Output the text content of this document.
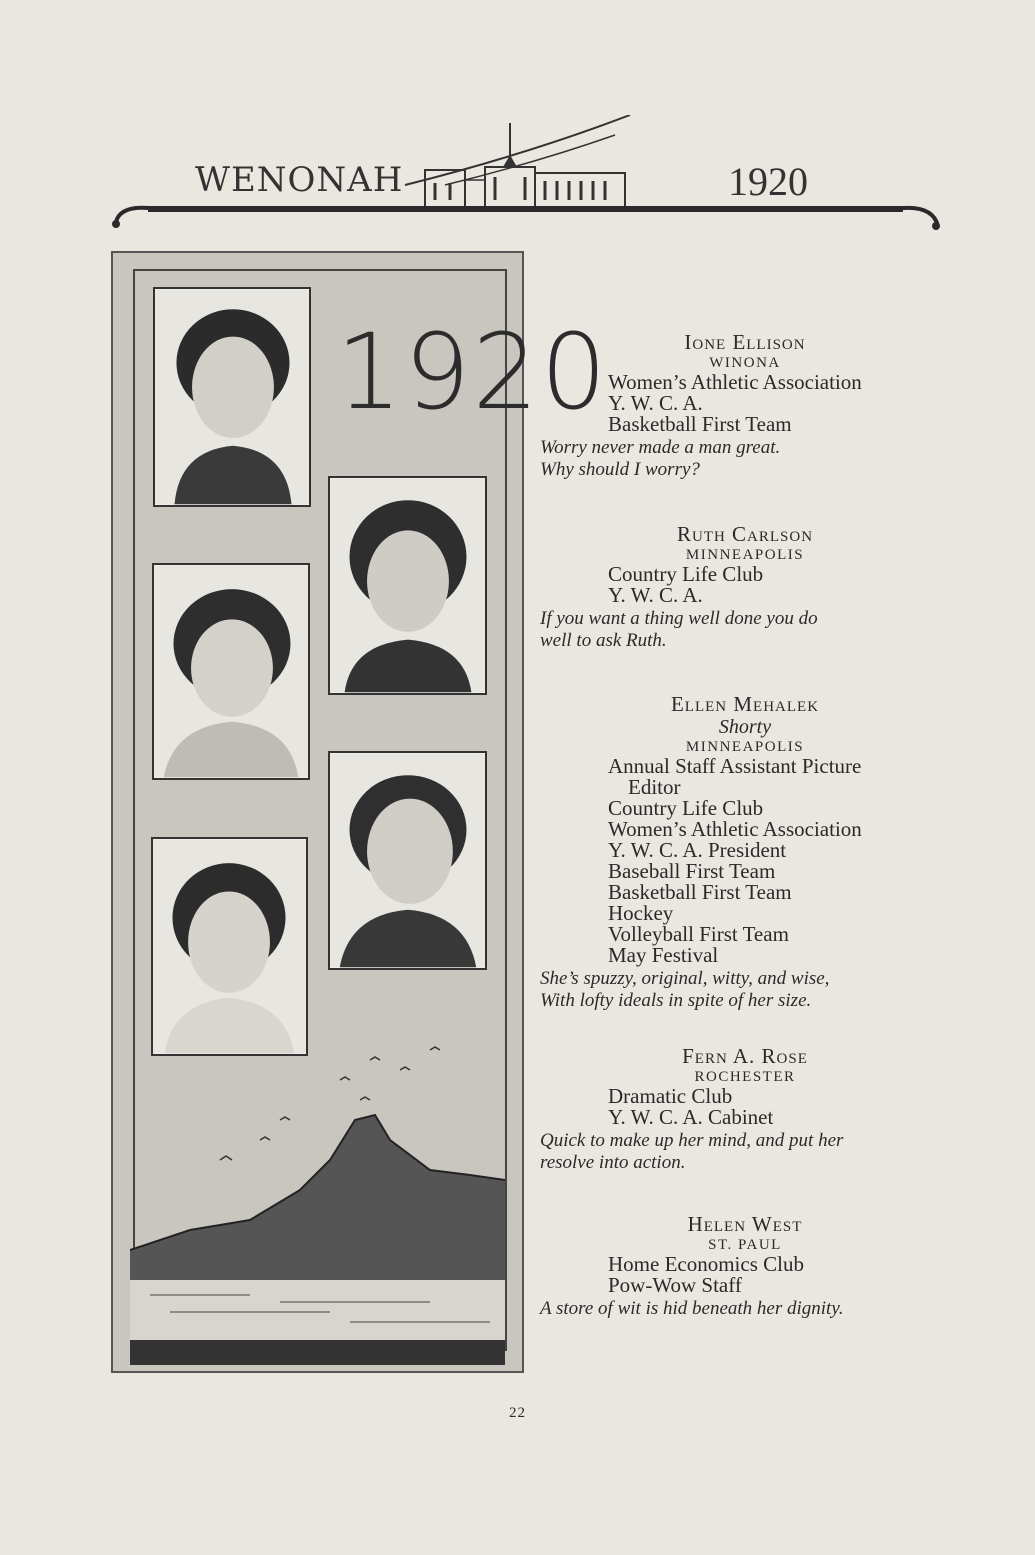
WENONAH	1920
1920	Ione Ellison
WINONA
Women’s Athletic Association
Y. W. C. A.
Basketball First Team
Worry never made a man great.
Why should I worry?
Ruth Carlson
MINNEAPOLIS
Country Life Club
Y. W. C. A.
If you want a thing well done you do
well to ask Ruth.
Ellen Mehalek
Shorty
MINNEAPOLIS
Annual Staff Assistant Picture
Editor
Country Life Club
Women’s Athletic Association
Y. W. C. A. President
Baseball First Team
Basketball First Team
Hockey
Volleyball First Team
May Festival
She’s spuzzy, original, witty, and wise,
With lofty ideals in spite of her size.
Fern A. Rose
ROCHESTER
Dramatic Club
Y. W. C. A. Cabinet
Quick to make up her mind, and put her
resolve into action.
Helen West
ST. PAUL
Home Economics Club
Pow-Wow Staff
A store of wit is hid beneath her dignity.
22
